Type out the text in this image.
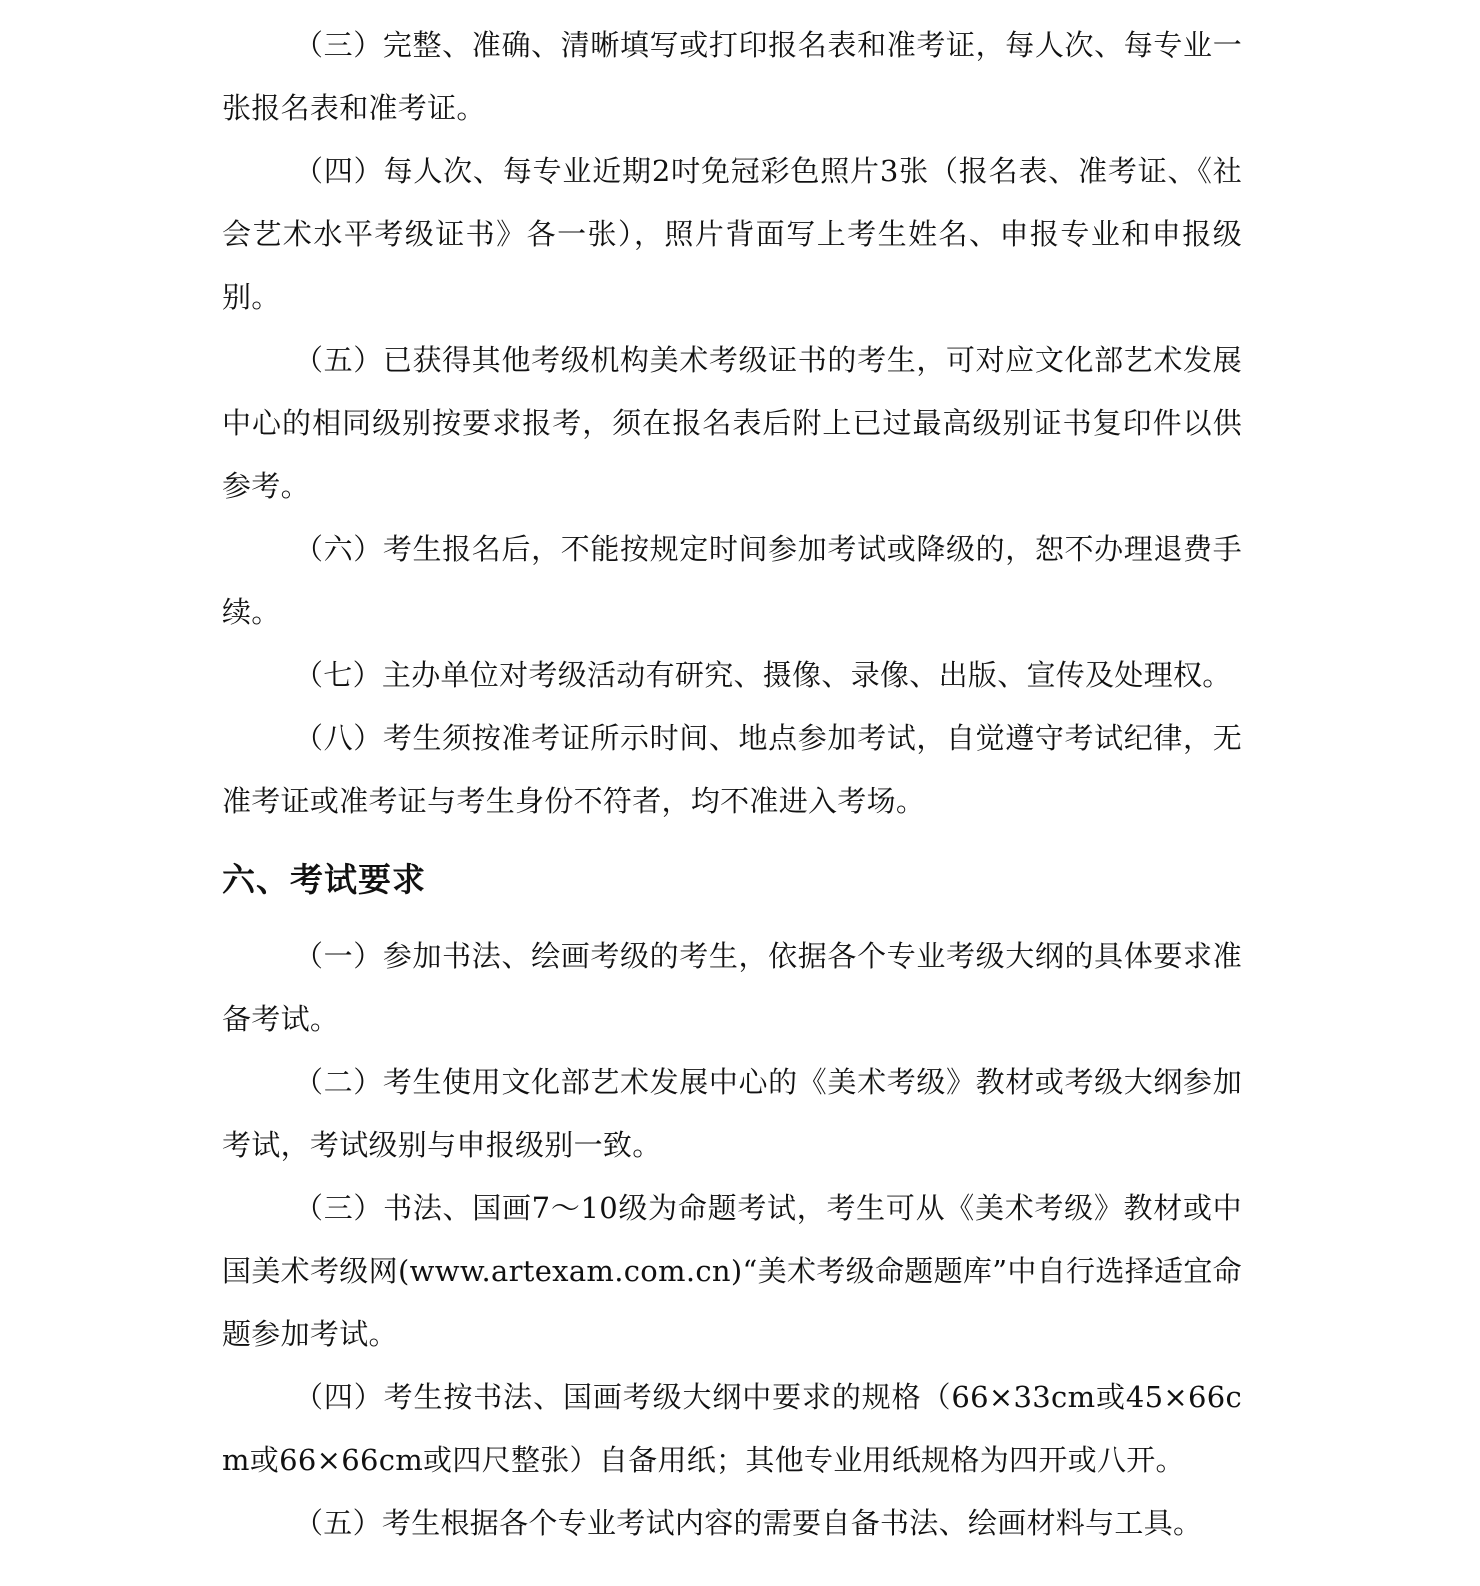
（三）完整、准确、清晰填写或打印报名表和准考证，每人次、每专业一张报名表和准考证。

（四）每人次、每专业近期2吋免冠彩色照片3张（报名表、准考证、《社会艺术水平考级证书》各一张），照片背面写上考生姓名、申报专业和申报级别。

（五）已获得其他考级机构美术考级证书的考生，可对应文化部艺术发展中心的相同级别按要求报考，须在报名表后附上已过最高级别证书复印件以供参考。

（六）考生报名后，不能按规定时间参加考试或降级的，恕不办理退费手续。

（七）主办单位对考级活动有研究、摄像、录像、出版、宣传及处理权。

（八）考生须按准考证所示时间、地点参加考试，自觉遵守考试纪律，无准考证或准考证与考生身份不符者，均不准进入考场。

六、考试要求

（一）参加书法、绘画考级的考生，依据各个专业考级大纲的具体要求准备考试。

（二）考生使用文化部艺术发展中心的《美术考级》教材或考级大纲参加考试，考试级别与申报级别一致。

（三）书法、国画7～10级为命题考试，考生可从《美术考级》教材或中国美术考级网(www.artexam.com.cn)“美术考级命题题库”中自行选择适宜命题参加考试。

（四）考生按书法、国画考级大纲中要求的规格（66×33cm或45×66cm或66×66cm或四尺整张）自备用纸；其他专业用纸规格为四开或八开。

（五）考生根据各个专业考试内容的需要自备书法、绘画材料与工具。
